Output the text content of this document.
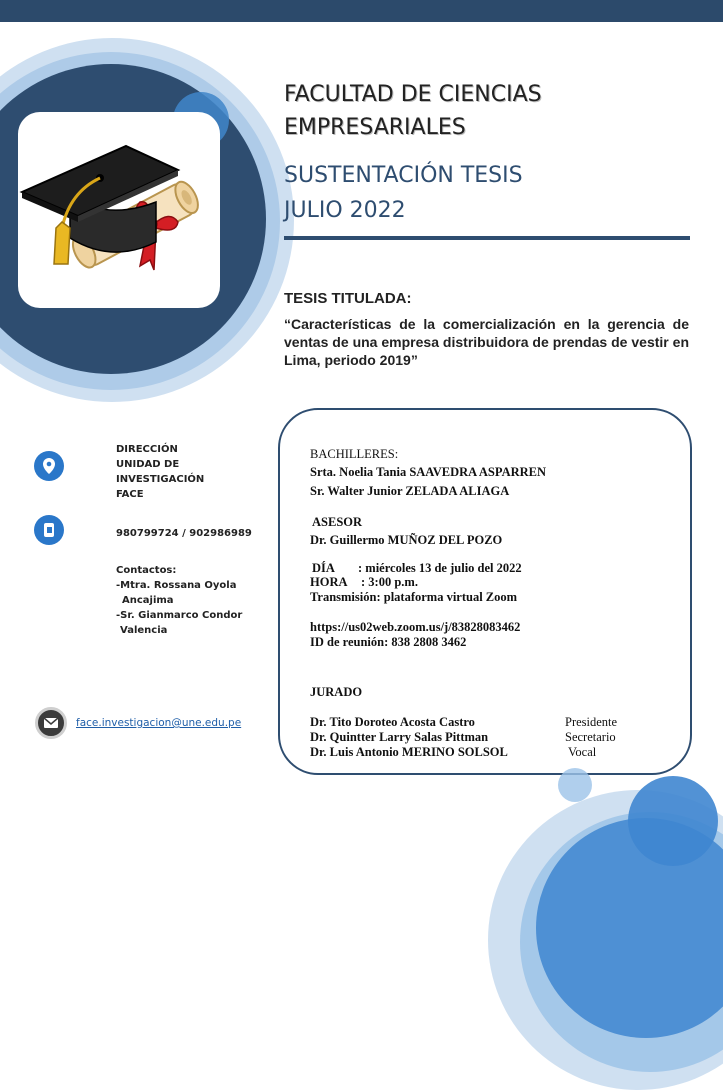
FACULTAD DE CIENCIAS
EMPRESARIALES
SUSTENTACIÓN TESIS
JULIO 2022
TESIS TITULADA:
“Características de la comercialización en la gerencia de ventas de una empresa distribuidora de prendas de vestir en Lima, periodo 2019”
DIRECCIÓN
UNIDAD DE
INVESTIGACIÓN
FACE
980799724 / 902986989
Contactos:
-Mtra. Rossana Oyola
Ancajima
-Sr. Gianmarco Condor
Valencia
face.investigacion@une.edu.pe
BACHILLERES:
Srta. Noelia Tania SAAVEDRA ASPARREN
Sr. Walter Junior ZELADA ALIAGA
ASESOR
Dr. Guillermo MUÑOZ DEL POZO
DÍA : miércoles 13 de julio del 2022
HORA : 3:00 p.m.
Transmisión: plataforma virtual Zoom
https://us02web.zoom.us/j/83828083462
ID de reunión: 838 2808 3462
JURADO
Dr. Tito Doroteo Acosta Castro	Presidente
Dr. Quintter Larry Salas Pittman	Secretario
Dr. Luis Antonio MERINO SOLSOL	Vocal
